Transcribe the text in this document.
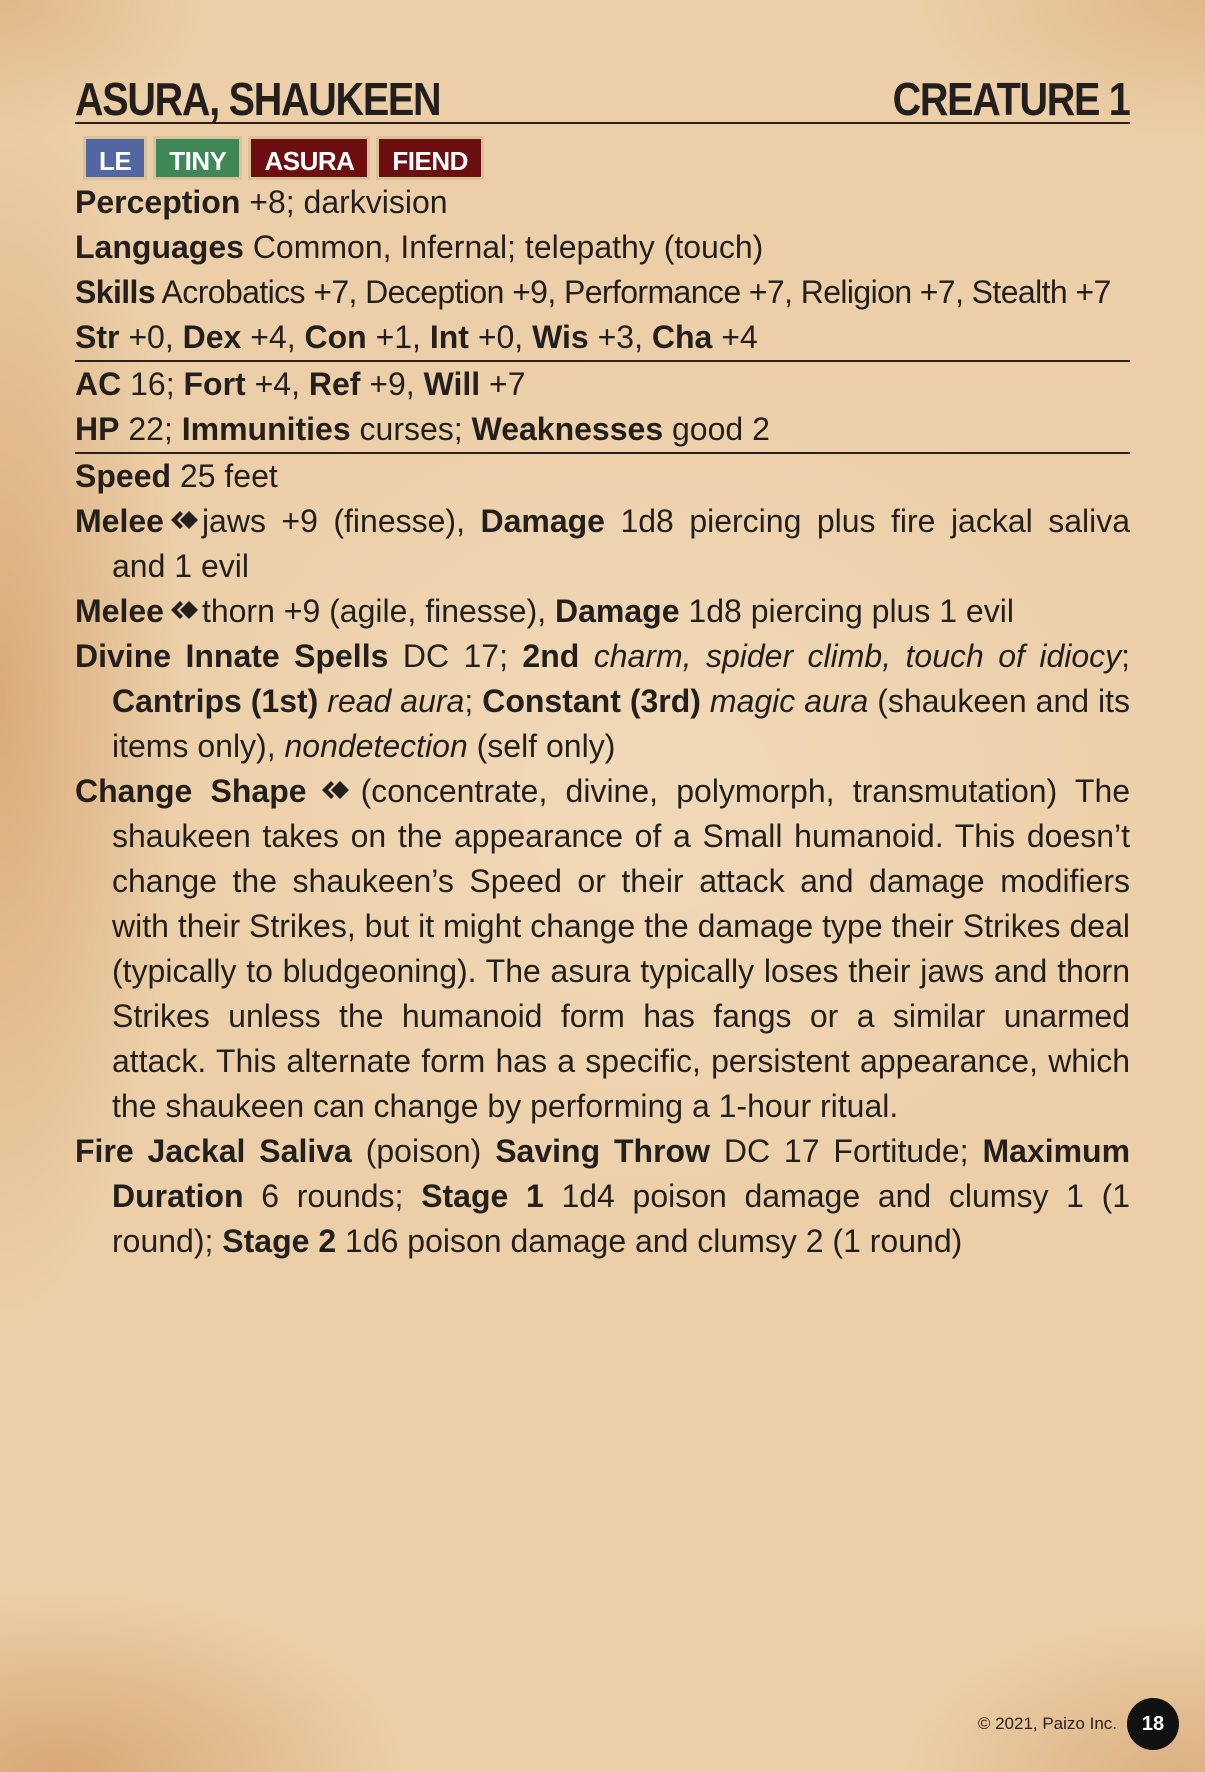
ASURA, SHAUKEEN	CREATURE 1
LE	TINY	ASURA	FIEND
Perception +8; darkvision
Languages Common, Infernal; telepathy (touch)
Skills Acrobatics +7, Deception +9, Performance +7, Religion +7, Stealth +7
Str +0, Dex +4, Con +1, Int +0, Wis +3, Cha +4
AC 16; Fort +4, Ref +9, Will +7
HP 22; Immunities curses; Weaknesses good 2
Speed 25 feet
Melee jaws +9 (finesse), Damage 1d8 piercing plus fire jackal saliva and 1 evil
Melee thorn +9 (agile, finesse), Damage 1d8 piercing plus 1 evil
Divine Innate Spells DC 17; 2nd charm, spider climb, touch of idiocy; Cantrips (1st) read aura; Constant (3rd) magic aura (shaukeen and its items only), nondetection (self only)
Change Shape (concentrate, divine, polymorph, transmutation) The shaukeen takes on the appearance of a Small humanoid. This doesn’t change the shaukeen’s Speed or their attack and damage modifiers with their Strikes, but it might change the damage type their Strikes deal (typically to bludgeoning). The asura typically loses their jaws and thorn Strikes unless the humanoid form has fangs or a similar unarmed attack. This alternate form has a specific, persistent appearance, which the shaukeen can change by performing a 1-hour ritual.
Fire Jackal Saliva (poison) Saving Throw DC 17 Fortitude; Maximum Duration 6 rounds; Stage 1 1d4 poison damage and clumsy 1 (1 round); Stage 2 1d6 poison damage and clumsy 2 (1 round)
© 2021, Paizo Inc.	18
